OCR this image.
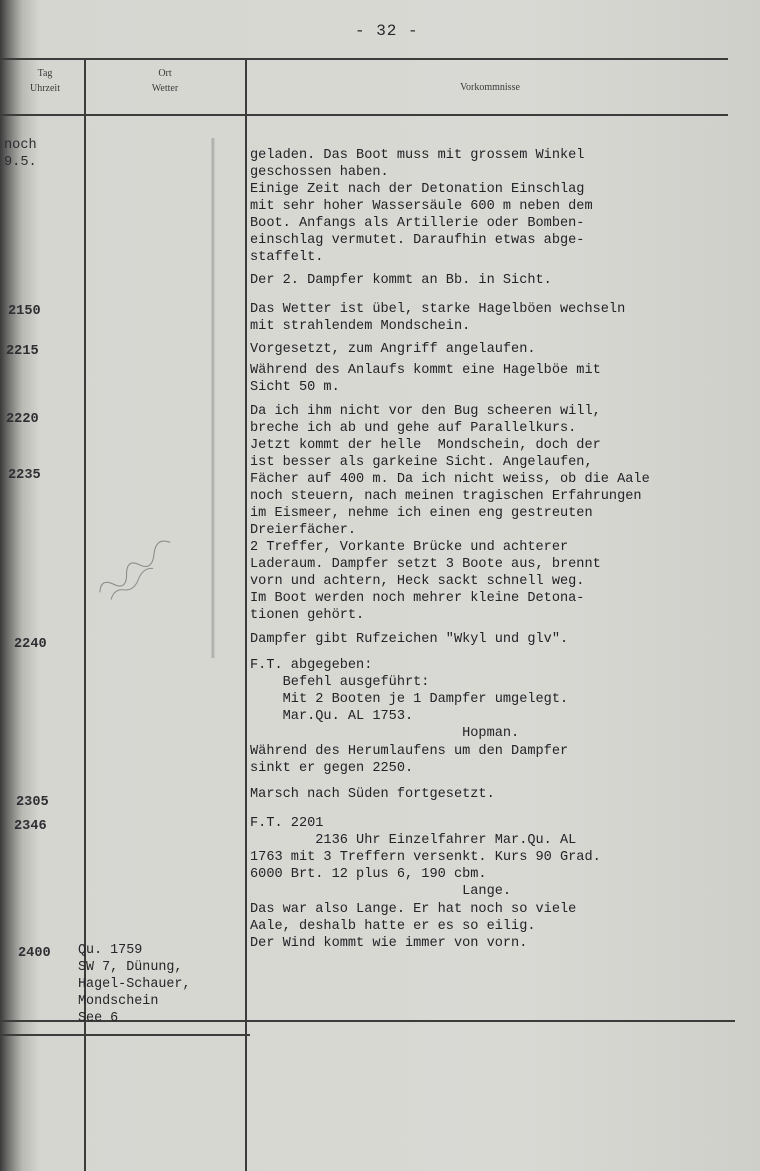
- 32 -
Tag
Uhrzeit
Ort
Wetter	Vorkommnisse
noch
9.5.
2150
2215
2220
2235
2240
2305
2346
2400 Qu. 1759
SW 7, Dünung,
Hagel-Schauer,
Mondschein
See 6
geladen. Das Boot muss mit grossem Winkel
geschossen haben.
Einige Zeit nach der Detonation Einschlag
mit sehr hoher Wassersäule 600 m neben dem
Boot. Anfangs als Artillerie oder Bomben-
einschlag vermutet. Daraufhin etwas abge-
staffelt.
Der 2. Dampfer kommt an Bb. in Sicht.
Das Wetter ist übel, starke Hagelböen wechseln
mit strahlendem Mondschein.
Vorgesetzt, zum Angriff angelaufen.
Während des Anlaufs kommt eine Hagelböe mit
Sicht 50 m.
Da ich ihm nicht vor den Bug scheeren will,
breche ich ab und gehe auf Parallelkurs.
Jetzt kommt der helle  Mondschein, doch der
ist besser als garkeine Sicht. Angelaufen,
Fächer auf 400 m. Da ich nicht weiss, ob die Aale
noch steuern, nach meinen tragischen Erfahrungen
im Eismeer, nehme ich einen eng gestreuten
Dreierfächer.
2 Treffer, Vorkante Brücke und achterer
Laderaum. Dampfer setzt 3 Boote aus, brennt
vorn und achtern, Heck sackt schnell weg.
Im Boot werden noch mehrer kleine Detona-
tionen gehört.
Dampfer gibt Rufzeichen "Wkyl und glv".
F.T. abgegeben:
Befehl ausgeführt:
Mit 2 Booten je 1 Dampfer umgelegt.
Mar.Qu. AL 1753.
Hopman.
Während des Herumlaufens um den Dampfer
sinkt er gegen 2250.
Marsch nach Süden fortgesetzt.
F.T. 2201
2136 Uhr Einzelfahrer Mar.Qu. AL
1763 mit 3 Treffern versenkt. Kurs 90 Grad.
6000 Brt. 12 plus 6, 190 cbm.
Lange.
Das war also Lange. Er hat noch so viele
Aale, deshalb hatte er es so eilig.
Der Wind kommt wie immer von vorn.
